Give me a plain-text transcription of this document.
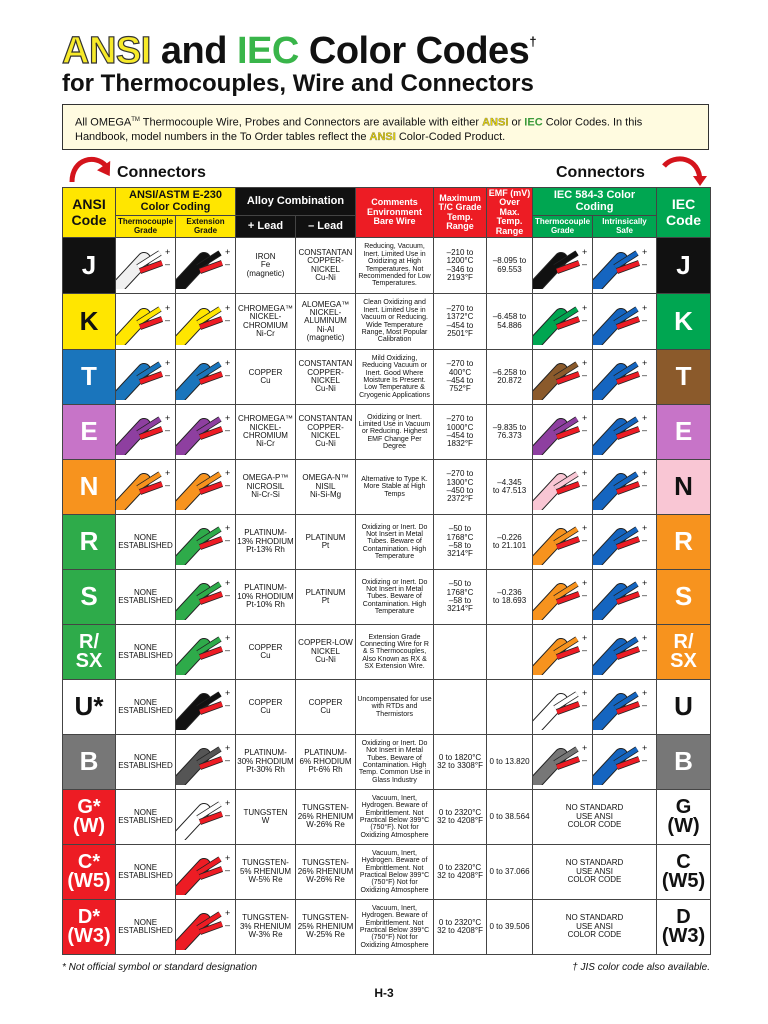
ANSI and IEC Color Codes†
for Thermocouples, Wire and Connectors
All OMEGA™ Thermocouple Wire, Probes and Connectors are available with either ANSI or IEC Color Codes. In this Handbook, model numbers in the To Order tables reflect the ANSI Color-Coded Product.
Connectors	Connectors
ANSI Code	ANSI/ASTM E-230 Color Coding		Alloy Combination		Comments Environment Bare Wire	Maximum T/C Grade Temp. Range	EMF (mV) Over Max. Temp. Range	IEC 584-3 Color Coding		IEC Code
	Thermocouple Grade	Extension Grade	+ Lead	– Lead				Thermocouple Grade	Intrinsically Safe	
J	+
–	+
–	IRON
Fe
(magnetic)	CONSTANTAN
COPPER-
NICKEL
Cu-Ni	Reducing, Vacuum, Inert. Limited Use in Oxidizing at High Temperatures. Not Recommended for Low Temperatures.	–210 to 1200°C
–346 to 2193°F	–8.095 to
69.553	+
–	+
–	J
K	+
–	+
–	CHROMEGA™
NICKEL-
CHROMIUM
Ni-Cr	ALOMEGA™
NICKEL-
ALUMINUM
Ni-Al
(magnetic)	Clean Oxidizing and Inert. Limited Use in Vacuum or Reducing. Wide Temperature Range, Most Popular Calibration	–270 to 1372°C
–454 to 2501°F	–6.458 to
54.886	+
–	+
–	K
T	+
–	+
–	COPPER
Cu	CONSTANTAN
COPPER-
NICKEL
Cu-Ni	Mild Oxidizing, Reducing Vacuum or Inert. Good Where Moisture Is Present. Low Temperature & Cryogenic Applications	–270 to 400°C
–454 to 752°F	–6.258 to
20.872	+
–	+
–	T
E	+
–	+
–	CHROMEGA™
NICKEL-
CHROMIUM
Ni-Cr	CONSTANTAN
COPPER-
NICKEL
Cu-Ni	Oxidizing or Inert. Limited Use in Vacuum or Reducing. Highest EMF Change Per Degree	–270 to 1000°C
–454 to 1832°F	–9.835 to
76.373	+
–	+
–	E
N	+
–	+
–	OMEGA-P™
NICROSIL
Ni-Cr-Si	OMEGA-N™
NISIL
Ni-Si-Mg	Alternative to Type K. More Stable at High Temps	–270 to 1300°C
–450 to 2372°F	–4.345
to 47.513	+
–	+
–	N
R	NONE
ESTABLISHED	+
–	PLATINUM-
13% RHODIUM
Pt-13% Rh	PLATINUM
Pt	Oxidizing or Inert. Do Not Insert in Metal Tubes. Beware of Contamination. High Temperature	–50 to 1768°C
–58 to 3214°F	–0.226
to 21.101	+
–	+
–	R
S	NONE
ESTABLISHED	+
–	PLATINUM-
10% RHODIUM
Pt-10% Rh	PLATINUM
Pt	Oxidizing or Inert. Do Not Insert in Metal Tubes. Beware of Contamination. High Temperature	–50 to 1768°C
–58 to 3214°F	–0.236
to 18.693	+
–	+
–	S
R/
SX	NONE
ESTABLISHED	+
–	COPPER
Cu	COPPER-LOW
NICKEL
Cu-Ni	Extension Grade Connecting Wire for R & S Thermocouples, Also Known as RX & SX Extension Wire.			+
–	+
–	R/
SX
U*	NONE
ESTABLISHED	+
–	COPPER
Cu	COPPER
Cu	Uncompensated for use with RTDs and Thermistors			+
–	+
–	U
B	NONE
ESTABLISHED	+
–	PLATINUM-
30% RHODIUM
Pt-30% Rh	PLATINUM-
6% RHODIUM
Pt-6% Rh	Oxidizing or Inert. Do Not Insert in Metal Tubes. Beware of Contamination. High Temp. Common Use in Glass Industry	0 to 1820°C
32 to 3308°F	0 to 13.820	+
–	+
–	B
G*
(W)	NONE
ESTABLISHED	+
–	TUNGSTEN
W	TUNGSTEN-
26% RHENIUM
W-26% Re	Vacuum, Inert, Hydrogen. Beware of Embrittlement. Not Practical Below 399°C (750°F). Not for Oxidizing Atmosphere	0 to 2320°C
32 to 4208°F	0 to 38.564	NO STANDARD
USE ANSI
COLOR CODE		G
(W)
C*
(W5)	NONE
ESTABLISHED	+
–	TUNGSTEN-
5% RHENIUM
W-5% Re	TUNGSTEN-
26% RHENIUM
W-26% Re	Vacuum, Inert, Hydrogen. Beware of Embrittlement. Not Practical Below 399°C (750°F) Not for Oxidizing Atmosphere	0 to 2320°C
32 to 4208°F	0 to 37.066	NO STANDARD
USE ANSI
COLOR CODE		C
(W5)
D*
(W3)	NONE
ESTABLISHED	+
–	TUNGSTEN-
3% RHENIUM
W-3% Re	TUNGSTEN-
25% RHENIUM
W-25% Re	Vacuum, Inert, Hydrogen. Beware of Embrittlement. Not Practical Below 399°C (750°F) Not for Oxidizing Atmosphere	0 to 2320°C
32 to 4208°F	0 to 39.506	NO STANDARD
USE ANSI
COLOR CODE		D
(W3)
* Not official symbol or standard designation	† JIS color code also available.
H-3
